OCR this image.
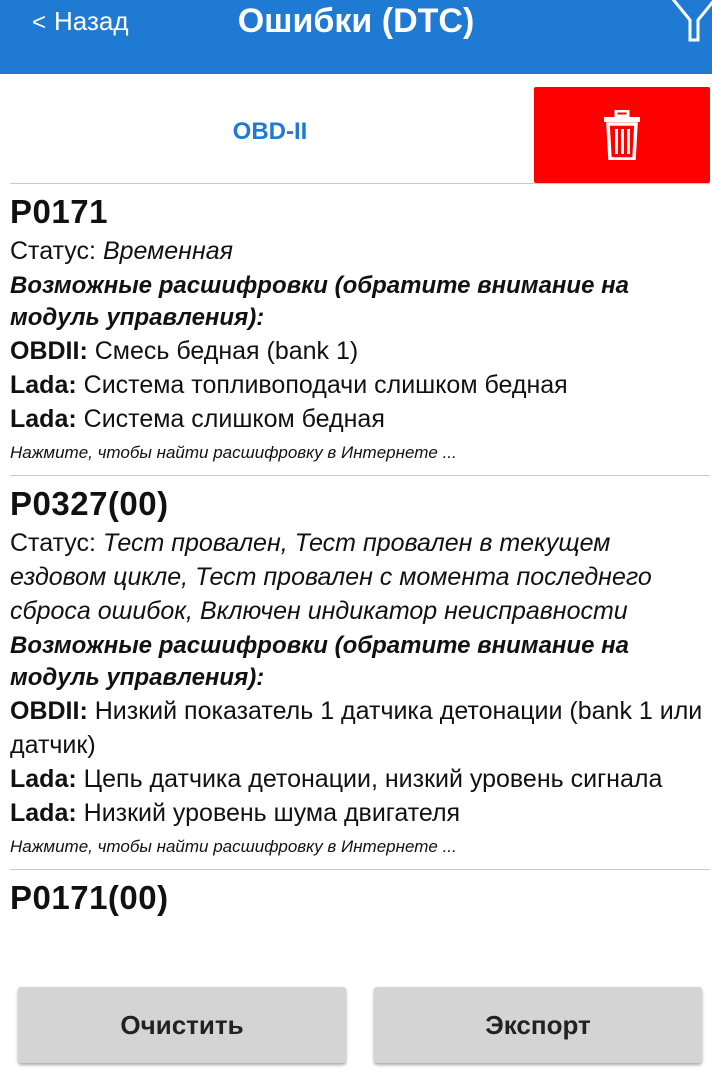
< Назад	Ошибки (DTC)
OBD-II
P0171
Статус: Временная
Возможные расшифровки (обратите внимание на модуль управления):
OBDII: Смесь бедная (bank 1)
Lada: Система топливоподачи слишком бедная
Lada: Система слишком бедная
Нажмите, чтобы найти расшифровку в Интернете ...
P0327(00)
Статус: Тест провален, Тест провален в текущем ездовом цикле, Тест провален с момента последнего сброса ошибок, Включен индикатор неисправности
Возможные расшифровки (обратите внимание на модуль управления):
OBDII: Низкий показатель 1 датчика детонации (bank 1 или датчик)
Lada: Цепь датчика детонации, низкий уровень сигнала
Lada: Низкий уровень шума двигателя
Нажмите, чтобы найти расшифровку в Интернете ...
P0171(00)
Очистить	Экспорт
